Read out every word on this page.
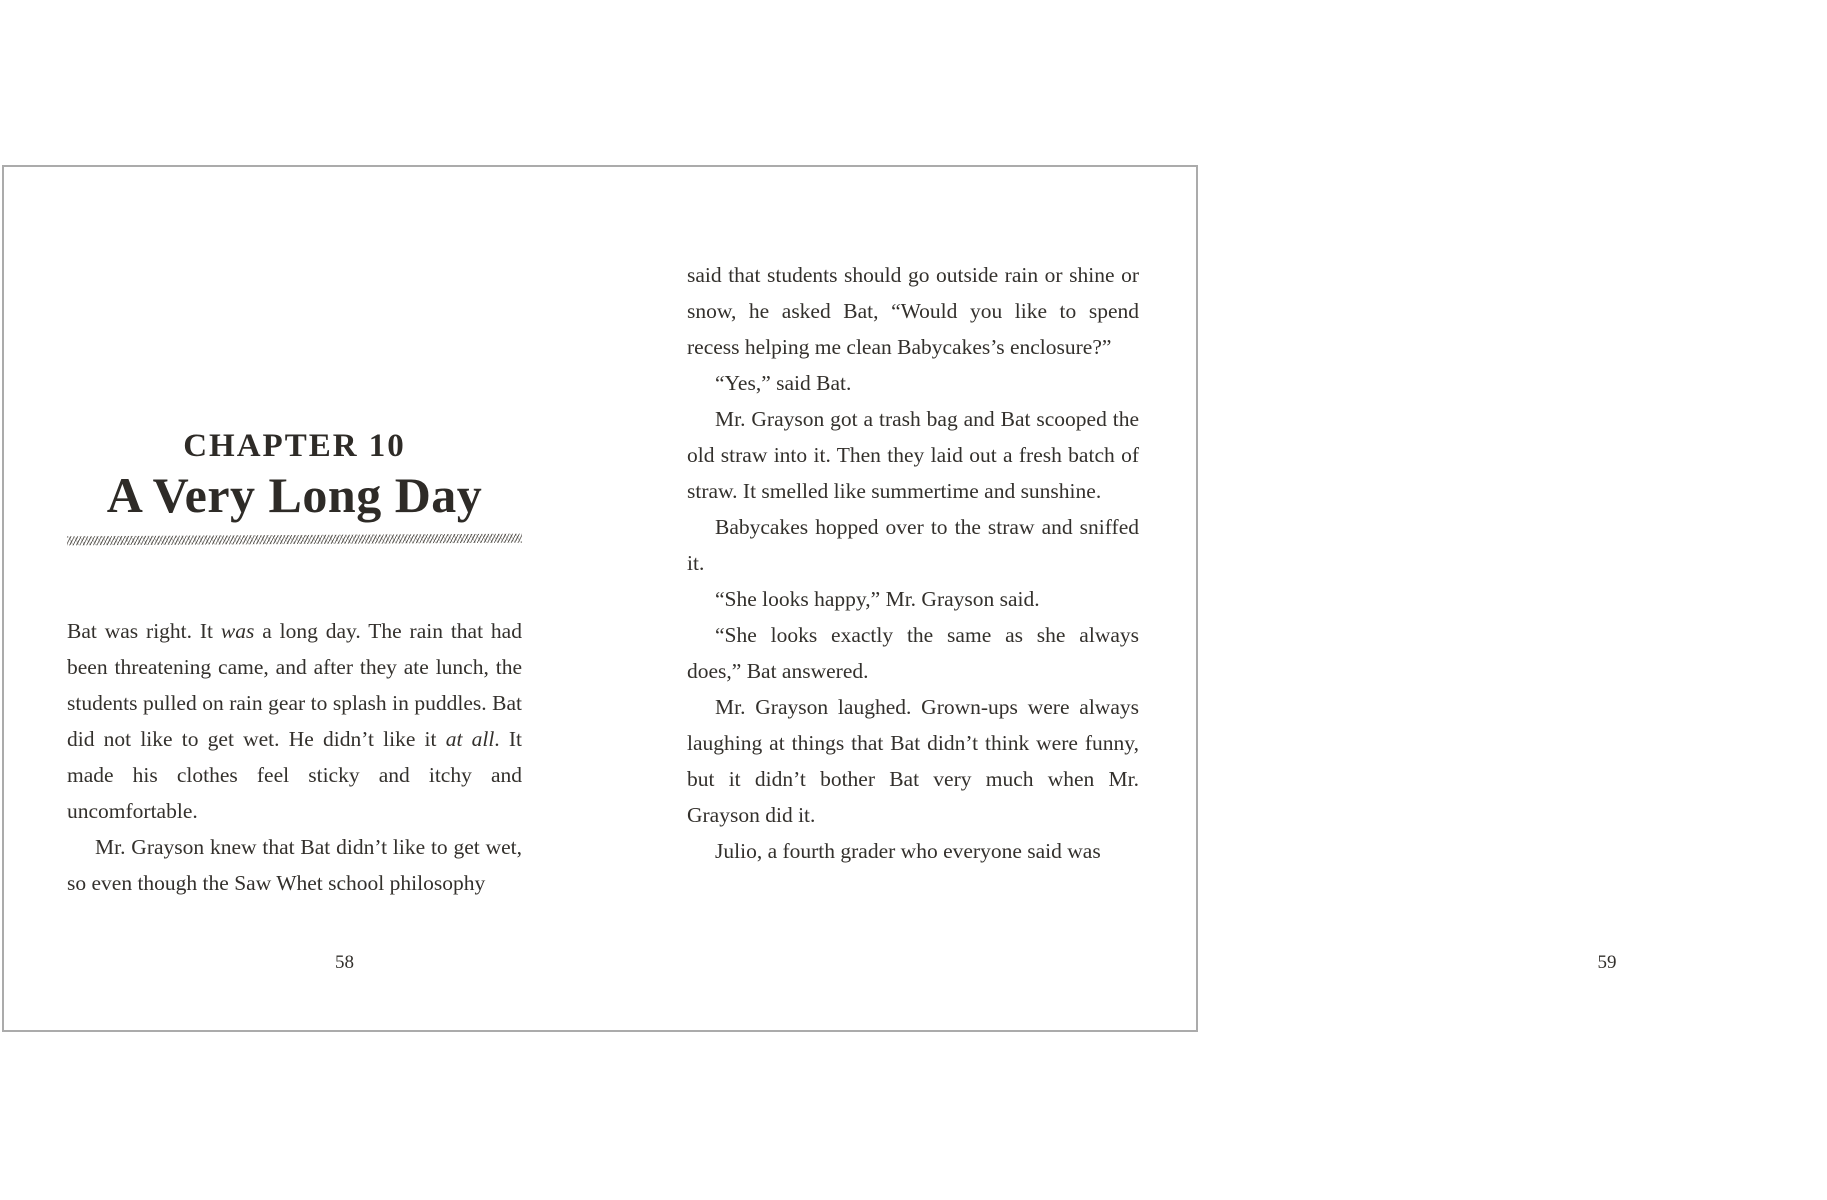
CHAPTER 10
A Very Long Day

Bat was right. It was a long day. The rain that had been threatening came, and after they ate lunch, the students pulled on rain gear to splash in puddles. Bat did not like to get wet. He didn’t like it at all. It made his clothes feel sticky and itchy and uncomfortable.

Mr. Grayson knew that Bat didn’t like to get wet, so even though the Saw Whet school philosophy

58

said that students should go outside rain or shine or snow, he asked Bat, “Would you like to spend recess helping me clean Babycakes’s enclosure?”

“Yes,” said Bat.

Mr. Grayson got a trash bag and Bat scooped the old straw into it. Then they laid out a fresh batch of straw. It smelled like summertime and sunshine.

Babycakes hopped over to the straw and sniffed it.

“She looks happy,” Mr. Grayson said.

“She looks exactly the same as she always does,” Bat answered.

Mr. Grayson laughed. Grown-ups were always laughing at things that Bat didn’t think were funny, but it didn’t bother Bat very much when Mr. Grayson did it.

Julio, a fourth grader who everyone said was

59
